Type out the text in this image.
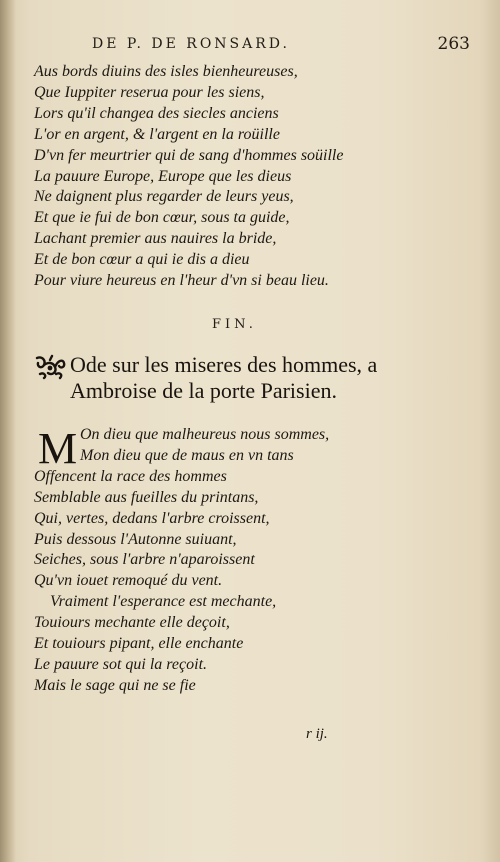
DE P. DE RONSARD.	263
Aus bords diuins des isles bienheureuses,
Que Iuppiter reserua pour les siens,
Lors qu'il changea des siecles anciens
L'or en argent, & l'argent en la roüille
D'vn fer meurtrier qui de sang d'hommes soüille
La pauure Europe, Europe que les dieus
Ne daignent plus regarder de leurs yeus,
Et que ie fui de bon cœur, sous ta guide,
Lachant premier aus nauires la bride,
Et de bon cœur a qui ie dis a dieu
Pour viure heureus en l'heur d'vn si beau lieu.
FIN.
Ode sur les miseres des hommes, a
Ambroise de la porte Parisien.
M On dieu que malheureus nous sommes,
Mon dieu que de maus en vn tans
Offencent la race des hommes
Semblable aus fueilles du printans,
Qui, vertes, dedans l'arbre croissent,
Puis dessous l'Autonne suiuant,
Seiches, sous l'arbre n'aparoissent
Qu'vn iouet remoqué du vent.
Vraiment l'esperance est mechante,
Touiours mechante elle deçoit,
Et touiours pipant, elle enchante
Le pauure sot qui la reçoit.
Mais le sage qui ne se fie
r ij.
